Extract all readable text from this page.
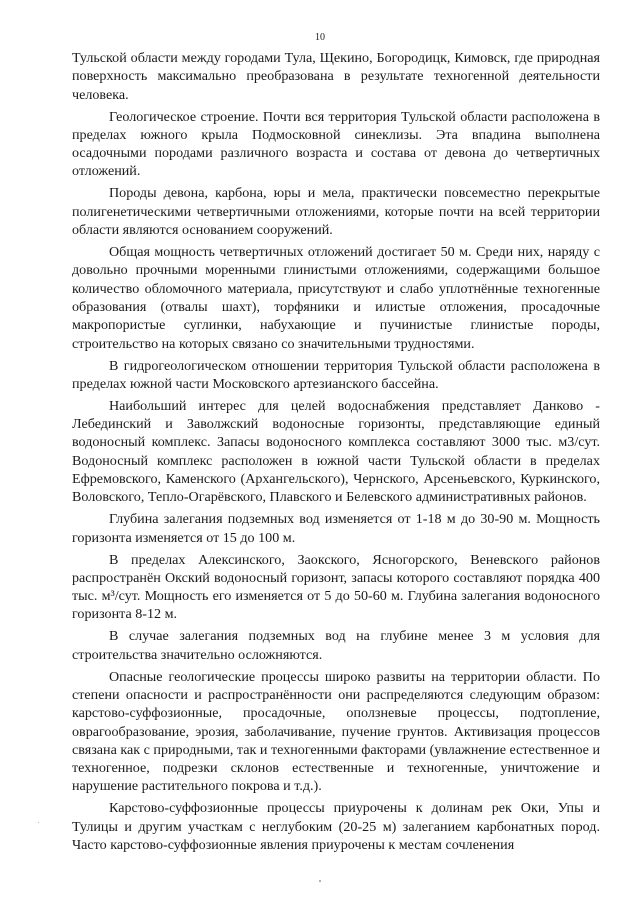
10

Тульской области между городами Тула, Щекино, Богородицк, Кимовск, где природная поверхность максимально преобразована в результате техногенной деятельности человека.

Геологическое строение. Почти вся территория Тульской области расположена в пределах южного крыла Подмосковной синеклизы. Эта впадина выполнена осадочными породами различного возраста и состава от девона до четвертичных отложений.

Породы девона, карбона, юры и мела, практически повсеместно перекрытые полигенетическими четвертичными отложениями, которые почти на всей территории области являются основанием сооружений.

Общая мощность четвертичных отложений достигает 50 м. Среди них, наряду с довольно прочными моренными глинистыми отложениями, содержащими большое количество обломочного материала, присутствуют и слабо уплотнённые техногенные образования (отвалы шахт), торфяники и илистые отложения, просадочные макропористые суглинки, набухающие и пучинистые глинистые породы, строительство на которых связано со значительными трудностями.

В гидрогеологическом отношении территория Тульской области расположена в пределах южной части Московского артезианского бассейна.

Наибольший интерес для целей водоснабжения представляет Данково - Лебединский и Заволжский водоносные горизонты, представляющие единый водоносный комплекс. Запасы водоносного комплекса составляют 3000 тыс. м3/сут. Водоносный комплекс расположен в южной части Тульской области в пределах Ефремовского, Каменского (Архангельского), Чернского, Арсеньевского, Куркинского, Воловского, Тепло-Огарёвского, Плавского и Белевского административных районов.

Глубина залегания подземных вод изменяется от 1-18 м до 30-90 м. Мощность горизонта изменяется от 15 до 100 м.

В пределах Алексинского, Заокского, Ясногорского, Веневского районов распространён Окский водоносный горизонт, запасы которого составляют порядка 400 тыс. м³/сут. Мощность его изменяется от 5 до 50-60 м. Глубина залегания водоносного горизонта 8-12 м.

В случае залегания подземных вод на глубине менее 3 м условия для строительства значительно осложняются.

Опасные геологические процессы широко развиты на территории области. По степени опасности и распространённости они распределяются следующим образом: карстово-суффозионные, просадочные, оползневые процессы, подтопление, оврагообразование, эрозия, заболачивание, пучение грунтов. Активизация процессов связана как с природными, так и техногенными факторами (увлажнение естественное и техногенное, подрезки склонов естественные и техногенные, уничтожение и нарушение растительного покрова и т.д.).

Карстово-суффозионные процессы приурочены к долинам рек Оки, Упы и Тулицы и другим участкам с неглубоким (20-25 м) залеганием карбонатных пород. Часто карстово-суффозионные явления приурочены к местам сочленения
